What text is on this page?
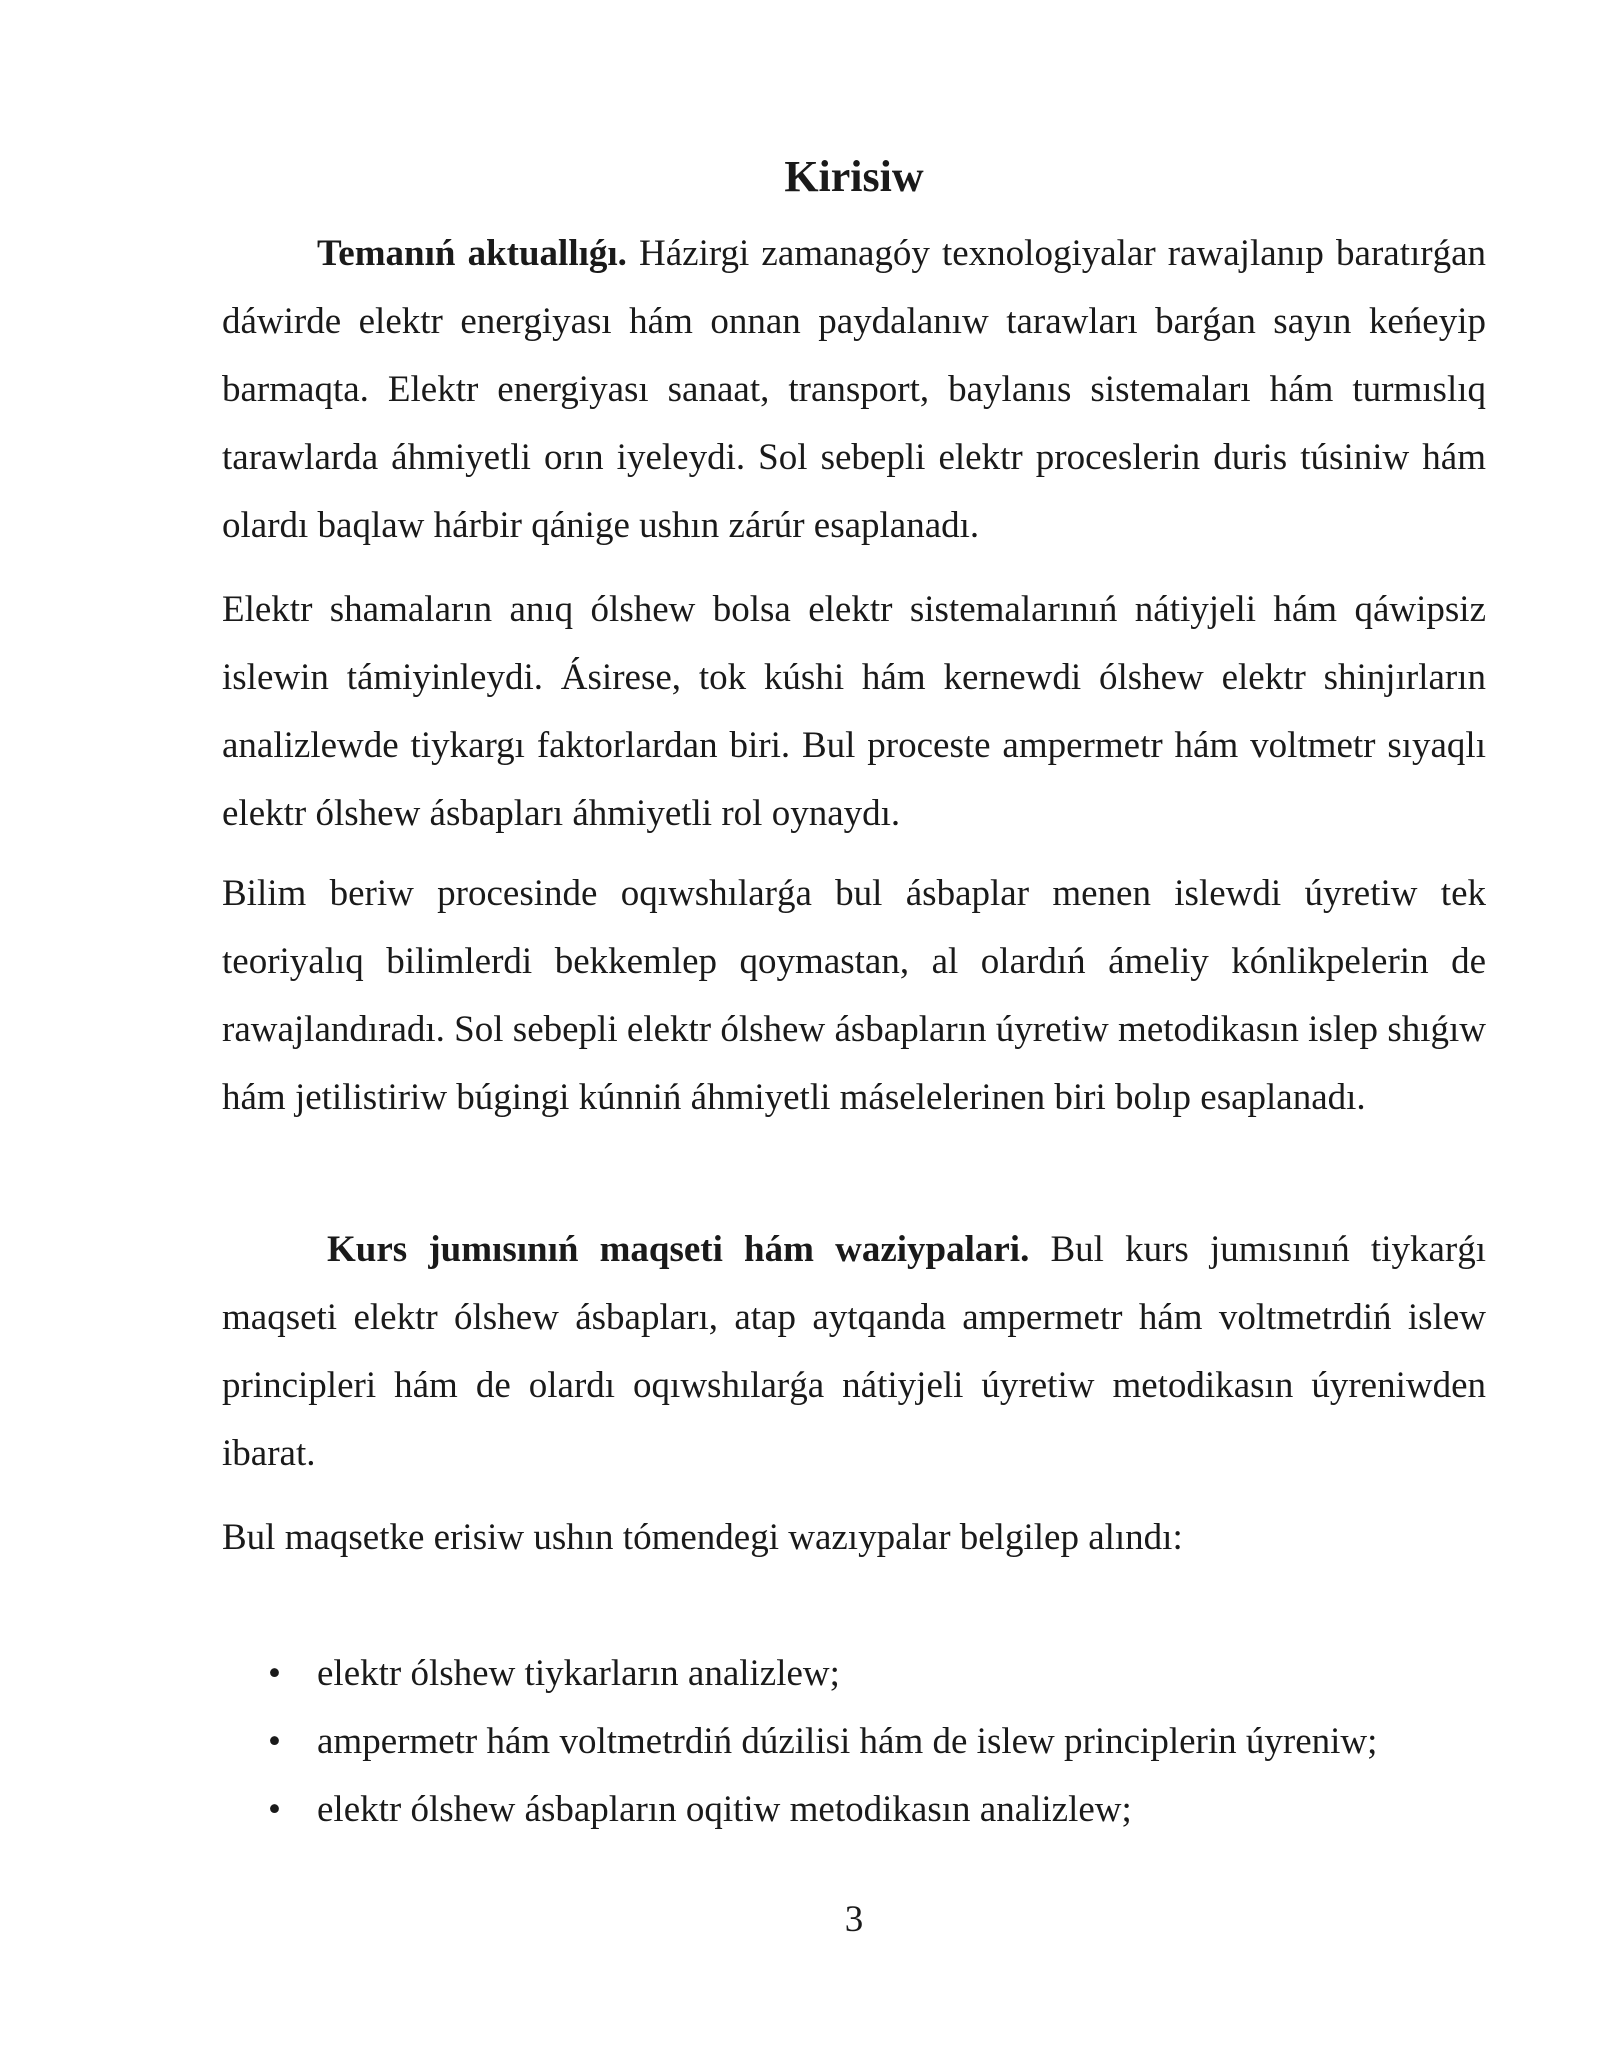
Kirisiw

Temanıń aktuallıǵı. Házirgi zamanagóy texnologiyalar rawajlanıp baratırǵan dáwirde elektr energiyası hám onnan paydalanıw tarawları barǵan sayın keńeyip barmaqta. Elektr energiyası sanaat, transport, baylanıs sistemaları hám turmıslıq tarawlarda áhmiyetli orın iyeleydi. Sol sebepli elektr proceslerin duris túsiniw hám olardı baqlaw hárbir qánige ushın zárúr esaplanadı.

Elektr shamaların anıq ólshew bolsa elektr sistemalarınıń nátiyjeli hám qáwipsiz islewin támiyinleydi. Ásirese, tok kúshi hám kernewdi ólshew elektr shinjırların analizlewde tiykargı faktorlardan biri. Bul proceste ampermetr hám voltmetr sıyaqlı elektr ólshew ásbapları áhmiyetli rol oynaydı.

Bilim beriw procesinde oqıwshılarǵa bul ásbaplar menen islewdi úyretiw tek teoriyalıq bilimlerdi bekkemlep qoymastan, al olardıń ámeliy kónlikpelerin de rawajlandıradı. Sol sebepli elektr ólshew ásbapların úyretiw metodikasın islep shıǵıw hám jetilistiriw búgingi kúnniń áhmiyetli máselelerinen biri bolıp esaplanadı.

Kurs jumısınıń maqseti hám waziypalari. Bul kurs jumısınıń tiykarǵı maqseti elektr ólshew ásbapları, atap aytqanda ampermetr hám voltmetrdiń islew principleri hám de olardı oqıwshılarǵa nátiyjeli úyretiw metodikasın úyreniwden ibarat.

Bul maqsetke erisiw ushın tómendegi wazıypalar belgilep alındı:

• elektr ólshew tiykarların analizlew;
• ampermetr hám voltmetrdiń dúzilisi hám de islew principlerin úyreniw;
• elektr ólshew ásbapların oqitiw metodikasın analizlew;
3
